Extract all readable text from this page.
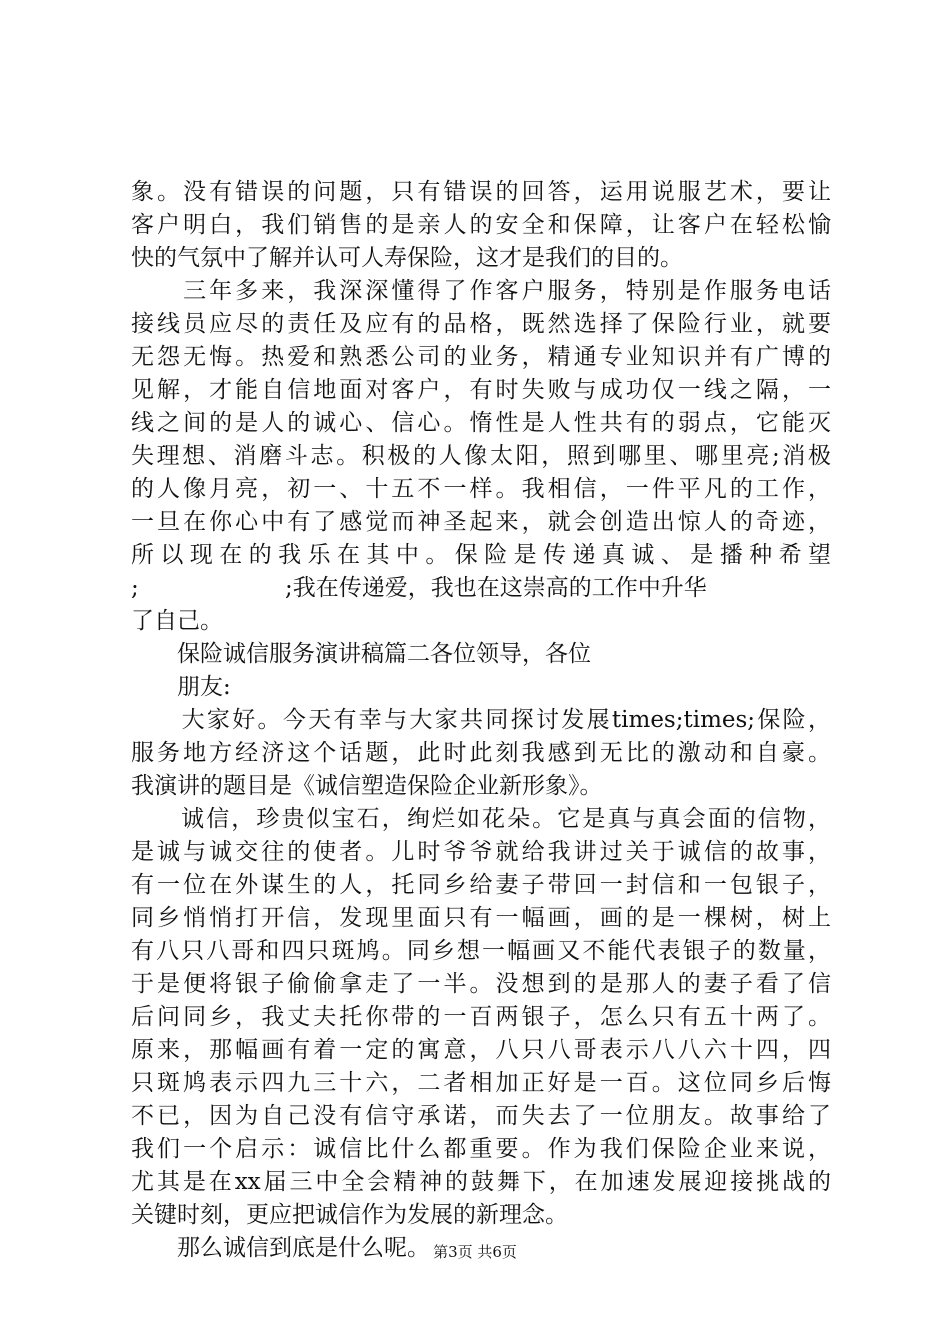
象。没有错误的问题，只有错误的回答，运用说服艺术，要让
客户明白，我们销售的是亲人的安全和保障，让客户在轻松愉
快的气氛中了解并认可人寿保险，这才是我们的目的。
　　三年多来，我深深懂得了作客户服务，特别是作服务电话
接线员应尽的责任及应有的品格，既然选择了保险行业，就要
无怨无悔。热爱和熟悉公司的业务，精通专业知识并有广博的
见解，才能自信地面对客户，有时失败与成功仅一线之隔，一
线之间的是人的诚心、信心。惰性是人性共有的弱点，它能灭
失理想、消磨斗志。积极的人像太阳，照到哪里、哪里亮;消极
的人像月亮，初一、十五不一样。我相信，一件平凡的工作，
一旦在你心中有了感觉而神圣起来，就会创造出惊人的奇迹，
所以现在的我乐在其中。保险是传递真诚、是播种希望
;                    ;我在传递爱，我也在这崇高的工作中升华
了自己。
　　保险诚信服务演讲稿篇二各位领导，各位
　　朋友:
　　大家好。今天有幸与大家共同探讨发展times;times;保险，
服务地方经济这个话题，此时此刻我感到无比的激动和自豪。
我演讲的题目是《诚信塑造保险企业新形象》。
　　诚信，珍贵似宝石，绚烂如花朵。它是真与真会面的信物，
是诚与诚交往的使者。儿时爷爷就给我讲过关于诚信的故事，
有一位在外谋生的人，托同乡给妻子带回一封信和一包银子，
同乡悄悄打开信，发现里面只有一幅画，画的是一棵树，树上
有八只八哥和四只斑鸠。同乡想一幅画又不能代表银子的数量，
于是便将银子偷偷拿走了一半。没想到的是那人的妻子看了信
后问同乡，我丈夫托你带的一百两银子，怎么只有五十两了。
原来，那幅画有着一定的寓意，八只八哥表示八八六十四，四
只斑鸠表示四九三十六，二者相加正好是一百。这位同乡后悔
不已，因为自己没有信守承诺，而失去了一位朋友。故事给了
我们一个启示：诚信比什么都重要。作为我们保险企业来说，
尤其是在xx届三中全会精神的鼓舞下，在加速发展迎接挑战的
关键时刻，更应把诚信作为发展的新理念。
　　那么诚信到底是什么呢。 第3页 共6页
